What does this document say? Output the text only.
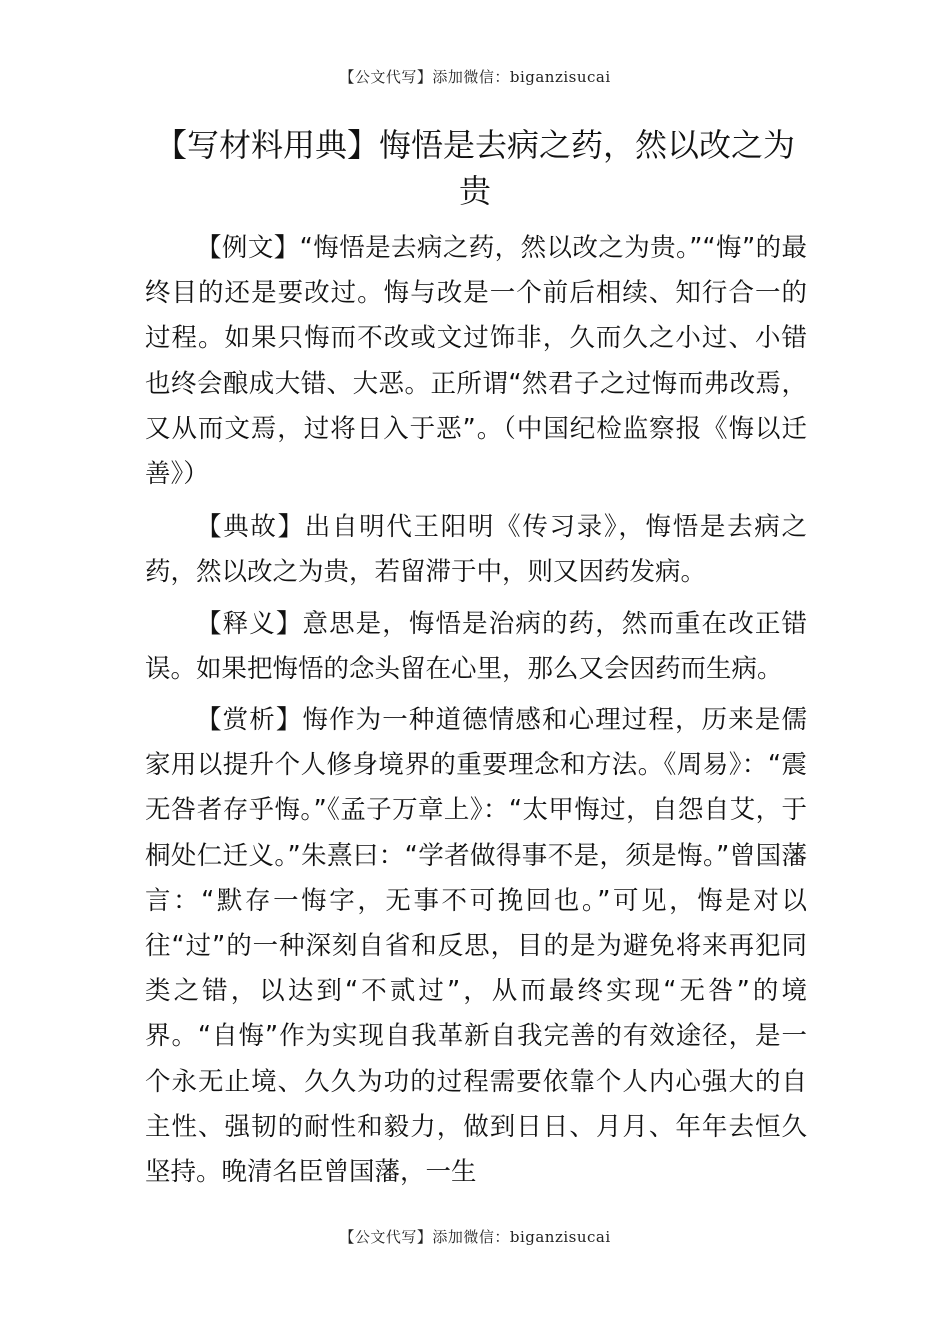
【公文代写】添加微信：biganzisucai
【写材料用典】悔悟是去病之药，然以改之为贵

【例文】“悔悟是去病之药，然以改之为贵。”“悔”的最终目的还是要改过。悔与改是一个前后相续、知行合一的过程。如果只悔而不改或文过饰非，久而久之小过、小错也终会酿成大错、大恶。正所谓“然君子之过悔而弗改焉，又从而文焉，过将日入于恶”。（中国纪检监察报《悔以迁善》）

【典故】出自明代王阳明《传习录》，悔悟是去病之药，然以改之为贵，若留滞于中，则又因药发病。

【释义】意思是，悔悟是治病的药，然而重在改正错误。如果把悔悟的念头留在心里，那么又会因药而生病。

【赏析】悔作为一种道德情感和心理过程，历来是儒家用以提升个人修身境界的重要理念和方法。《周易》：“震无咎者存乎悔。”《孟子万章上》：“太甲悔过，自怨自艾，于桐处仁迁义。”朱熹曰：“学者做得事不是，须是悔。”曾国藩言：“默存一悔字，无事不可挽回也。”可见，悔是对以往“过”的一种深刻自省和反思，目的是为避免将来再犯同类之错，以达到“不贰过”，从而最终实现“无咎”的境界。“自悔”作为实现自我革新自我完善的有效途径，是一个永无止境、久久为功的过程需要依靠个人内心强大的自主性、强韧的耐性和毅力，做到日日、月月、年年去恒久坚持。晚清名臣曾国藩，一生

【公文代写】添加微信：biganzisucai
